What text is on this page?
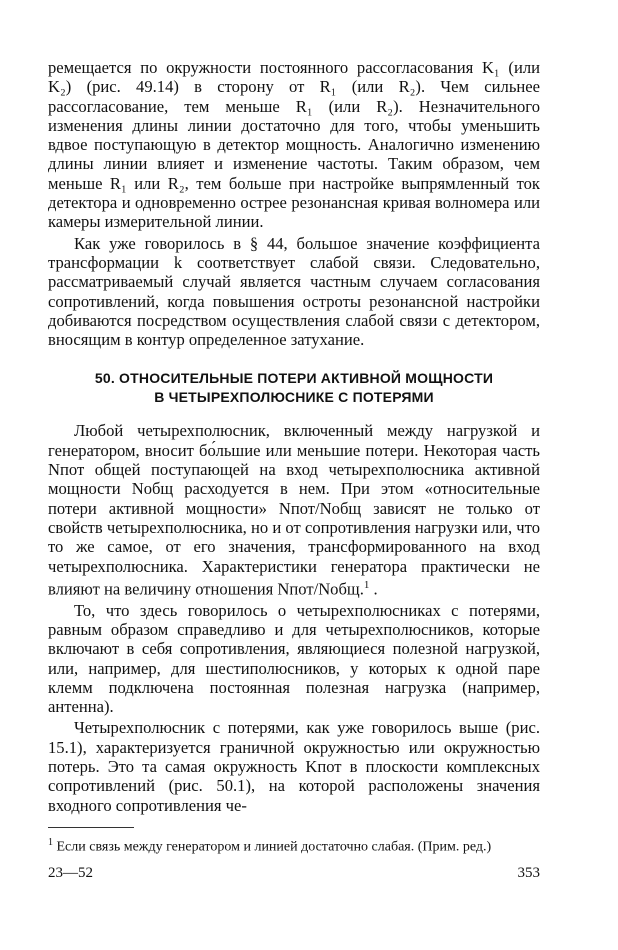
ремещается по окружности постоянного рассогласования K₁ (или K₂) (рис. 49.14) в сторону от R₁ (или R₂). Чем сильнее рассогласование, тем меньше R₁ (или R₂). Незначительного изменения длины линии достаточно для того, чтобы уменьшить вдвое поступающую в детектор мощность. Аналогично изменению длины линии влияет и изменение частоты. Таким образом, чем меньше R₁ или R₂, тем больше при настройке выпрямленный ток детектора и одновременно острее резонансная кривая волномера или камеры измерительной линии.

Как уже говорилось в § 44, большое значение коэффициента трансформации k соответствует слабой связи. Следовательно, рассматриваемый случай является частным случаем согласования сопротивлений, когда повышения остроты резонансной настройки добиваются посредством осуществления слабой связи с детектором, вносящим в контур определенное затухание.

50. ОТНОСИТЕЛЬНЫЕ ПОТЕРИ АКТИВНОЙ МОЩНОСТИ
В ЧЕТЫРЕХПОЛЮСНИКЕ С ПОТЕРЯМИ

Любой четырехполюсник, включенный между нагрузкой и генератором, вносит бо́льшие или меньшие потери. Некоторая часть Nпот общей поступающей на вход четырехполюсника активной мощности Nобщ расходуется в нем. При этом «относительные потери активной мощности» Nпот/Nобщ зависят не только от свойств четырехполюсника, но и от сопротивления нагрузки или, что то же самое, от его значения, трансформированного на вход четырехполюсника. Характеристики генератора практически не влияют на величину отношения Nпот/Nобщ.$^1$ .

То, что здесь говорилось о четырехполюсниках с потерями, равным образом справедливо и для четырехполюсников, которые включают в себя сопротивления, являющиеся полезной нагрузкой, или, например, для шестиполюсников, у которых к одной паре клемм подключена постоянная полезная нагрузка (например, антенна).

Четырехполюсник с потерями, как уже говорилось выше (рис. 15.1), характеризуется граничной окружностью или окружностью потерь. Это та самая окружность Kпот в плоскости комплексных сопротивлений (рис. 50.1), на которой расположены значения входного сопротивления че-

$^1$ Если связь между генератором и линией достаточно слабая. (Прим. ред.)
23—52	353
